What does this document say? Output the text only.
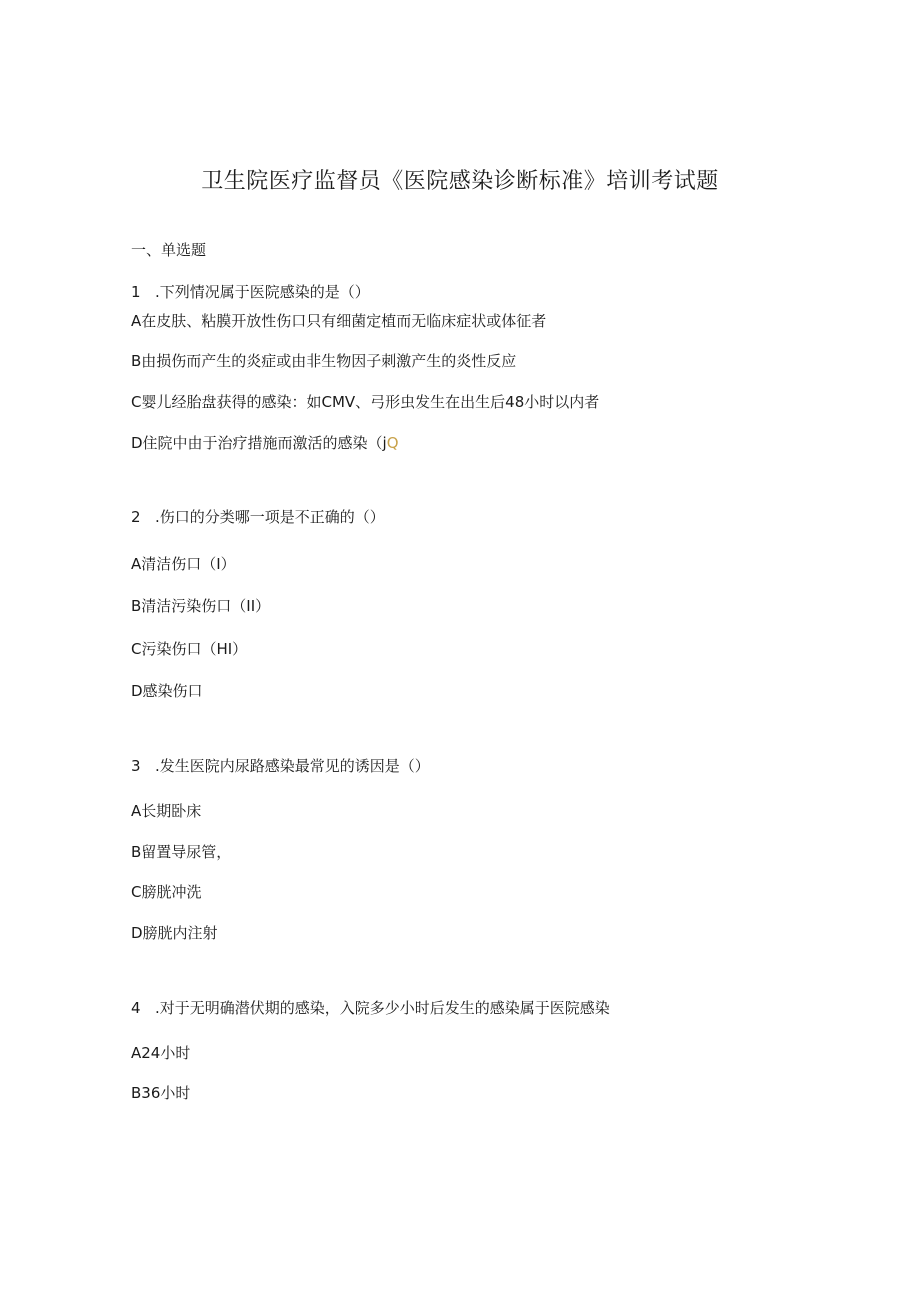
卫生院医疗监督员《医院感染诊断标准》培训考试题
一、单选题
1 .下列情况属于医院感染的是（）
A在皮肤、粘膜开放性伤口只有细菌定植而无临床症状或体征者
B由损伤而产生的炎症或由非生物因子刺激产生的炎性反应
C婴儿经胎盘获得的感染：如CMV、弓形虫发生在出生后48小时以内者
D住院中由于治疗措施而激活的感染（jQ
2 .伤口的分类哪一项是不正确的（）
A清洁伤口（I）
B清洁污染伤口（II）
C污染伤口（HI）
D感染伤口
3 .发生医院内尿路感染最常见的诱因是（）
A长期卧床
B留置导尿管，
C膀胱冲洗
D膀胱内注射
4 .对于无明确潜伏期的感染，入院多少小时后发生的感染属于医院感染
A24小时
B36小时
